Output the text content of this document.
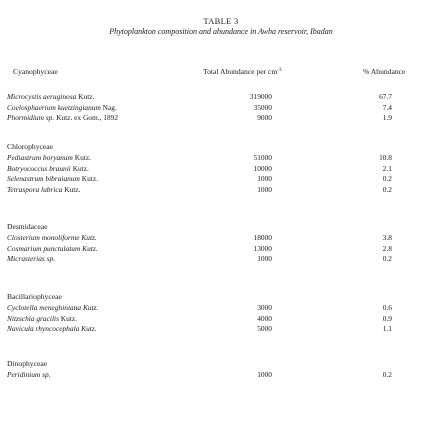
TABLE 3
Phytoplankton composition and abundance in Awba reservoir, Ibadan
Cyanophyceae	Total Abundance per $cm^{-3}$	% Abundance
Microcystis aeruginosa Kutz.	319000	67.7
Coelosphaerium kuetzingianum Nag.	35000	7.4
Phormidium sp. Kutz. ex Gom., 1892	9000	1.9
Chlorophyceae
Pediastrum boryanum Kutz.	51000	10.8
Botryococcus braunii Kutz.	10000	2.1
Selenastrum bibraianum Kutz.	1000	0.2
Tetraspora lubrica Kutz.	1000	0.2
Desmidaceae
Closterium monoliforme Kutz.	18000	3.8
Cosmarium punctulatum Kutz.	13000	2.8
Micrasterias sp.	1000	0.2
Bacillariophyceae
Cyclotella meneghiniana Kutz.	3000	0.6
Nitzschia gracilis Kutz.	4000	0.9
Navicula rhyncocephala Kutz.	5000	1.1
Dinophyceae
Peridinium sp.	1000	0.2
